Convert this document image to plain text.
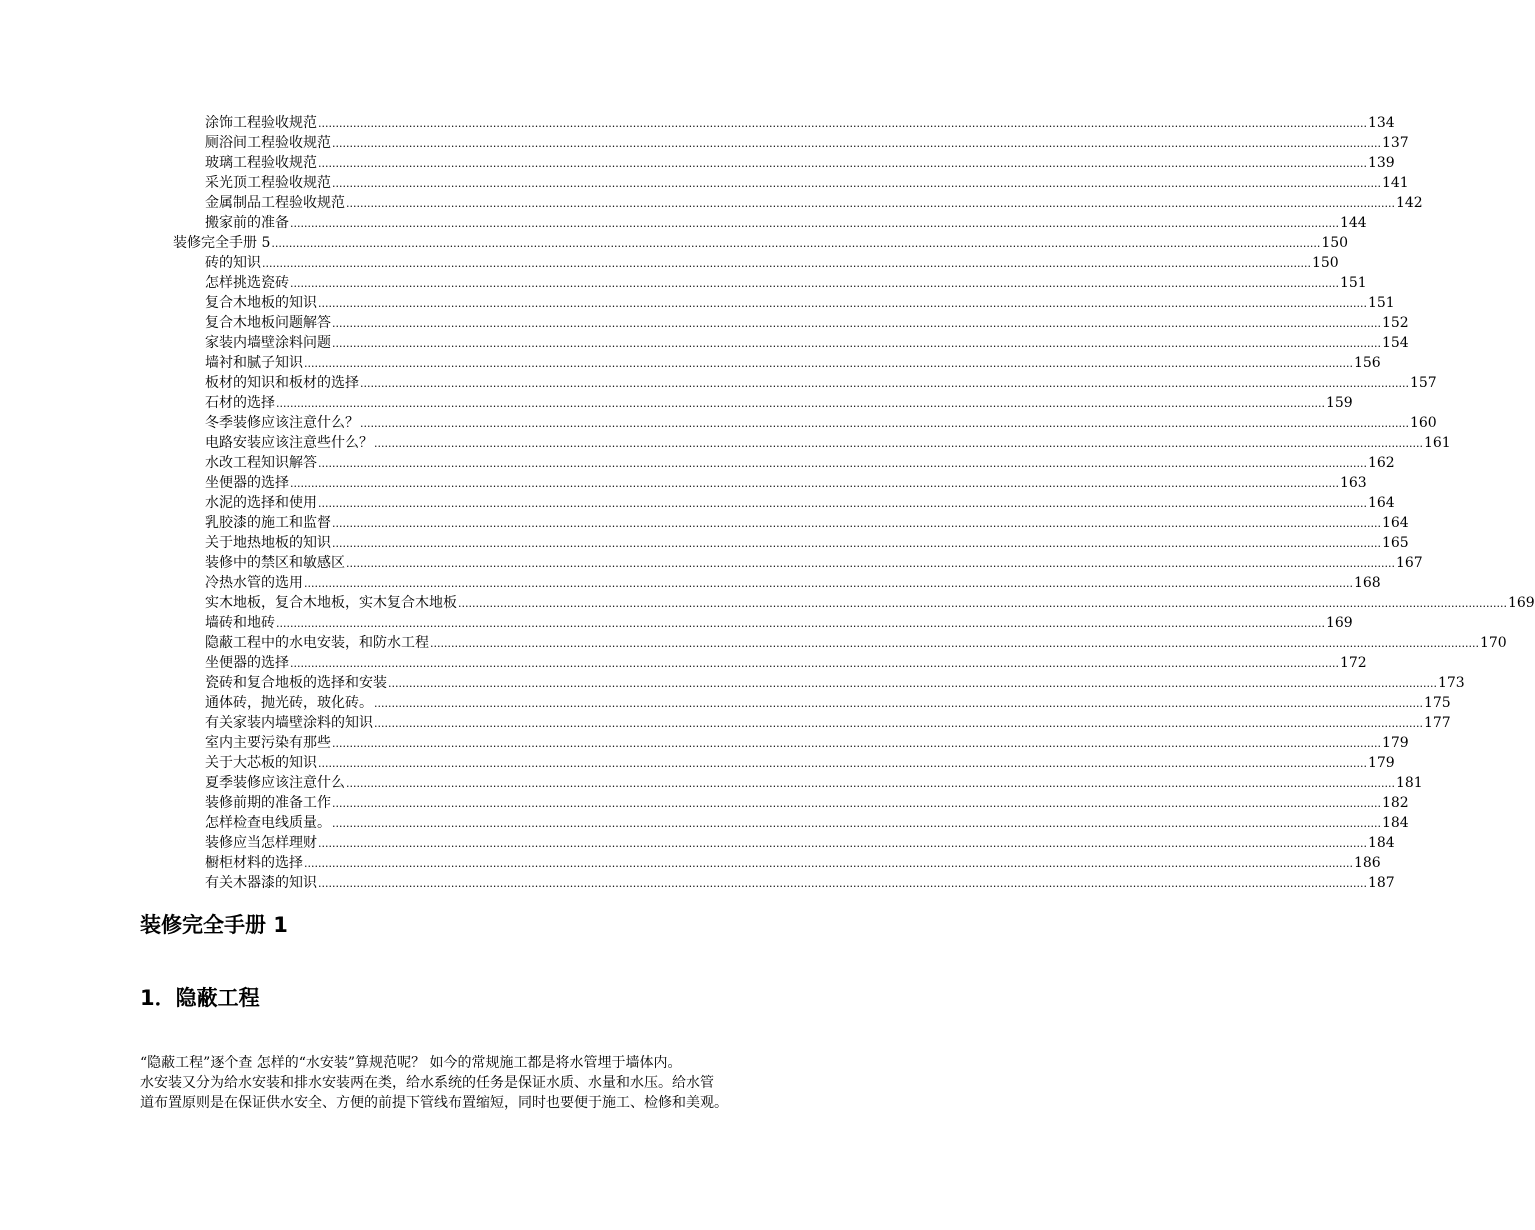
涂饰工程验收规范 ............................................................................................................................................................................................................................................................................................................ 134
厕浴间工程验收规范 ............................................................................................................................................................................................................................................................................................................ 137
玻璃工程验收规范 ............................................................................................................................................................................................................................................................................................................ 139
采光顶工程验收规范 ............................................................................................................................................................................................................................................................................................................ 141
金属制品工程验收规范 ............................................................................................................................................................................................................................................................................................................ 142
搬家前的准备 ............................................................................................................................................................................................................................................................................................................ 144
装修完全手册 5 ............................................................................................................................................................................................................................................................................................................ 150
砖的知识 ............................................................................................................................................................................................................................................................................................................ 150
怎样挑选瓷砖 ............................................................................................................................................................................................................................................................................................................ 151
复合木地板的知识 ............................................................................................................................................................................................................................................................................................................ 151
复合木地板问题解答 ............................................................................................................................................................................................................................................................................................................ 152
家装内墙壁涂料问题 ............................................................................................................................................................................................................................................................................................................ 154
墙衬和腻子知识 ............................................................................................................................................................................................................................................................................................................ 156
板材的知识和板材的选择 ............................................................................................................................................................................................................................................................................................................ 157
石材的选择 ............................................................................................................................................................................................................................................................................................................ 159
冬季装修应该注意什么？ ............................................................................................................................................................................................................................................................................................................ 160
电路安装应该注意些什么？ ............................................................................................................................................................................................................................................................................................................ 161
水改工程知识解答 ............................................................................................................................................................................................................................................................................................................ 162
坐便器的选择 ............................................................................................................................................................................................................................................................................................................ 163
水泥的选择和使用 ............................................................................................................................................................................................................................................................................................................ 164
乳胶漆的施工和监督 ............................................................................................................................................................................................................................................................................................................ 164
关于地热地板的知识 ............................................................................................................................................................................................................................................................................................................ 165
装修中的禁区和敏感区 ............................................................................................................................................................................................................................................................................................................ 167
冷热水管的选用 ............................................................................................................................................................................................................................................................................................................ 168
实木地板，复合木地板，实木复合木地板 ............................................................................................................................................................................................................................................................................................................ 169
墙砖和地砖 ............................................................................................................................................................................................................................................................................................................ 169
隐蔽工程中的水电安装，和防水工程 ............................................................................................................................................................................................................................................................................................................ 170
坐便器的选择 ............................................................................................................................................................................................................................................................................................................ 172
瓷砖和复合地板的选择和安装 ............................................................................................................................................................................................................................................................................................................ 173
通体砖，抛光砖，玻化砖。 ............................................................................................................................................................................................................................................................................................................ 175
有关家装内墙壁涂料的知识 ............................................................................................................................................................................................................................................................................................................ 177
室内主要污染有那些 ............................................................................................................................................................................................................................................................................................................ 179
关于大芯板的知识 ............................................................................................................................................................................................................................................................................................................ 179
夏季装修应该注意什么 ............................................................................................................................................................................................................................................................................................................ 181
装修前期的准备工作 ............................................................................................................................................................................................................................................................................................................ 182
怎样检查电线质量。 ............................................................................................................................................................................................................................................................................................................ 184
装修应当怎样理财 ............................................................................................................................................................................................................................................................................................................ 184
橱柜材料的选择 ............................................................................................................................................................................................................................................................................................................ 186
有关木器漆的知识 ............................................................................................................................................................................................................................................................................................................ 187
装修完全手册 1
1．隐蔽工程

“隐蔽工程”逐个查 怎样的“水安装”算规范呢？ 如今的常规施工都是将水管埋于墙体内。

水安装又分为给水安装和排水安装两在类，给水系统的任务是保证水质、水量和水压。给水管

道布置原则是在保证供水安全、方便的前提下管线布置缩短，同时也要便于施工、检修和美观。
